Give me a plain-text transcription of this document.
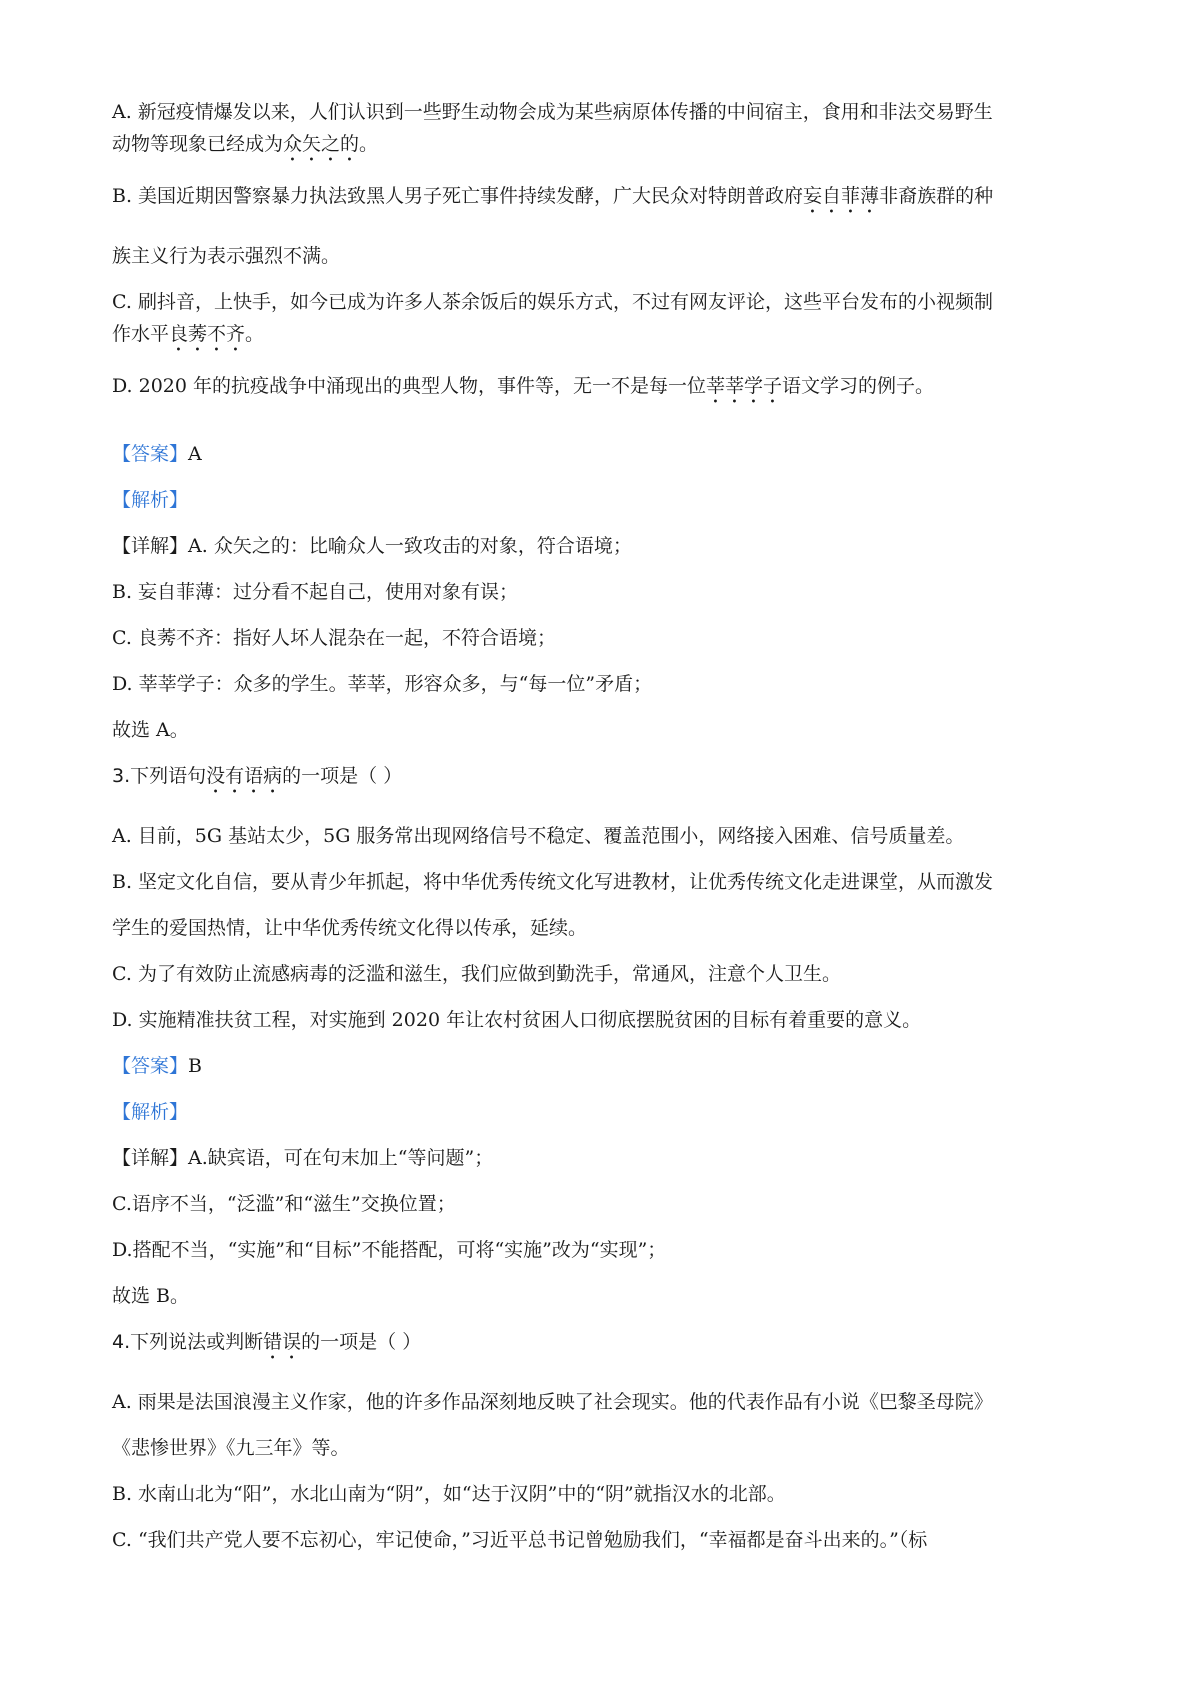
A. 新冠疫情爆发以来，人们认识到一些野生动物会成为某些病原体传播的中间宿主，食用和非法交易野生

动物等现象已经成为众矢之的。

B. 美国近期因警察暴力执法致黑人男子死亡事件持续发酵，广大民众对特朗普政府妄自菲薄非裔族群的种

族主义行为表示强烈不满。

C. 刷抖音，上快手，如今已成为许多人茶余饭后的娱乐方式，不过有网友评论，这些平台发布的小视频制

作水平良莠不齐。

D. 2020 年的抗疫战争中涌现出的典型人物，事件等，无一不是每一位莘莘学子语文学习的例子。

【答案】A

【解析】

【详解】A. 众矢之的：比喻众人一致攻击的对象，符合语境；

B. 妄自菲薄：过分看不起自己，使用对象有误；

C. 良莠不齐：指好人坏人混杂在一起，不符合语境；

D. 莘莘学子：众多的学生。莘莘，形容众多，与“每一位”矛盾；

故选 A。

3.下列语句没有语病的一项是（ ）

A. 目前，5G 基站太少，5G 服务常出现网络信号不稳定、覆盖范围小，网络接入困难、信号质量差。

B. 坚定文化自信，要从青少年抓起，将中华优秀传统文化写进教材，让优秀传统文化走进课堂，从而激发

学生的爱国热情，让中华优秀传统文化得以传承，延续。

C. 为了有效防止流感病毒的泛滥和滋生，我们应做到勤洗手，常通风，注意个人卫生。

D. 实施精准扶贫工程，对实施到 2020 年让农村贫困人口彻底摆脱贫困的目标有着重要的意义。

【答案】B

【解析】

【详解】A.缺宾语，可在句末加上“等问题”；

C.语序不当，“泛滥”和“滋生”交换位置；

D.搭配不当，“实施”和“目标”不能搭配，可将“实施”改为“实现”；

故选 B。

4.下列说法或判断错误的一项是（ ）

A. 雨果是法国浪漫主义作家，他的许多作品深刻地反映了社会现实。他的代表作品有小说《巴黎圣母院》

《悲惨世界》《九三年》等。

B. 水南山北为“阳”，水北山南为“阴”，如“达于汉阴”中的“阴”就指汉水的北部。

C. “我们共产党人要不忘初心，牢记使命，”习近平总书记曾勉励我们，“幸福都是奋斗出来的。”（标
